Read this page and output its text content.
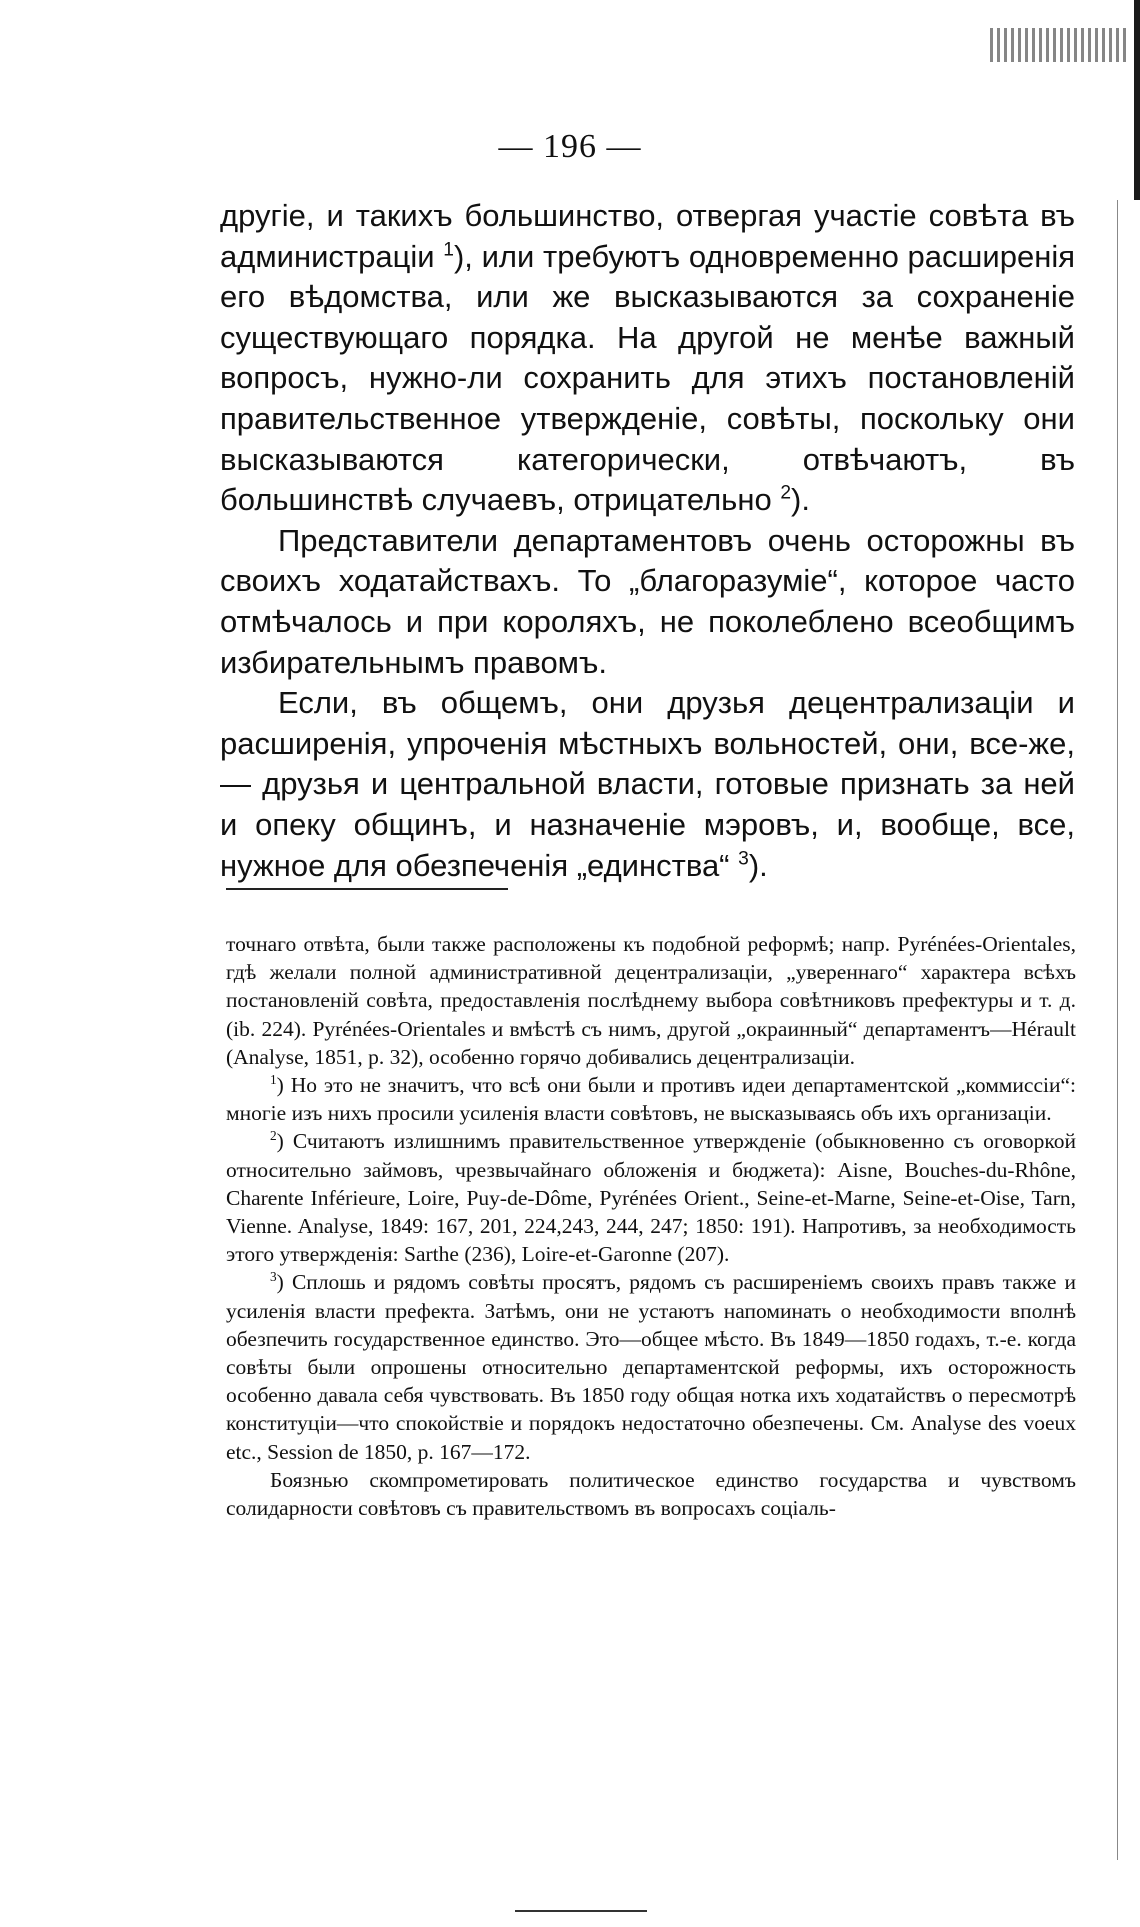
— 196 —

другіе, и такихъ большинство, отвергая участіе совѣта въ администраціи $^1$), или требуютъ одновременно расширенія его вѣдомства, или же высказываются за сохраненіе существующаго порядка. На другой не менѣе важный вопросъ, нужно-ли сохранить для этихъ постановленій правительственное утвержденіе, совѣты, поскольку они высказываются категорически, отвѣчаютъ, въ большинствѣ случаевъ, отрицательно $^2$).

Представители департаментовъ очень осторожны въ своихъ ходатайствахъ. То „благоразуміе“, которое часто отмѣчалось и при короляхъ, не поколеблено всеобщимъ избирательнымъ правомъ.

Если, въ общемъ, они друзья децентрализаціи и расширенія, упроченія мѣстныхъ вольностей, они, все-же,— друзья и центральной власти, готовые признать за ней и опеку общинъ, и назначеніе мэровъ, и, вообще, все, нужное для обезпеченія „единства“ $^3$).

точнаго отвѣта, были также расположены къ подобной реформѣ; напр. Pyrénées-Orientales, гдѣ желали полной административной децентрализаціи, „увереннаго“ характера всѣхъ постановленій совѣта, предоставленія послѣднему выбора совѣтниковъ префектуры и т. д. (ib. 224). Pyrénées-Orientales и вмѣстѣ съ нимъ, другой „окраинный“ департаментъ—Hérault (Analyse, 1851, p. 32), особенно горячо добивались децентрализаціи.

$^1$) Но это не значитъ, что всѣ они были и противъ идеи департаментской „коммиссіи“: многіе изъ нихъ просили усиленія власти совѣтовъ, не высказываясь объ ихъ организаціи.

$^2$) Считаютъ излишнимъ правительственное утвержденіе (обыкновенно съ оговоркой относительно займовъ, чрезвычайнаго обложенія и бюджета): Aisne, Bouches-du-Rhône, Charente Inférieure, Loire, Puy-de-Dôme, Pyrénées Orient., Seine-et-Marne, Seine-et-Oise, Tarn, Vienne. Analyse, 1849: 167, 201, 224,243, 244, 247; 1850: 191). Напротивъ, за необходимость этого утвержденія: Sarthe (236), Loire-et-Garonne (207).

$^3$) Сплошь и рядомъ совѣты просятъ, рядомъ съ расширеніемъ своихъ правъ также и усиленія власти префекта. Затѣмъ, они не устаютъ напоминать о необходимости вполнѣ обезпечить государственное единство. Это—общее мѣсто. Въ 1849—1850 годахъ, т.-е. когда совѣты были опрошены относительно департаментской реформы, ихъ осторожность особенно давала себя чувствовать. Въ 1850 году общая нотка ихъ ходатайствъ о пересмотрѣ конституціи—что спокойствіе и порядокъ недостаточно обезпечены. См. Analyse des voeux etc., Session de 1850, p. 167—172.

Боязнью скомпрометировать политическое единство государства и чувствомъ солидарности совѣтовъ съ правительствомъ въ вопросахъ соціаль-
